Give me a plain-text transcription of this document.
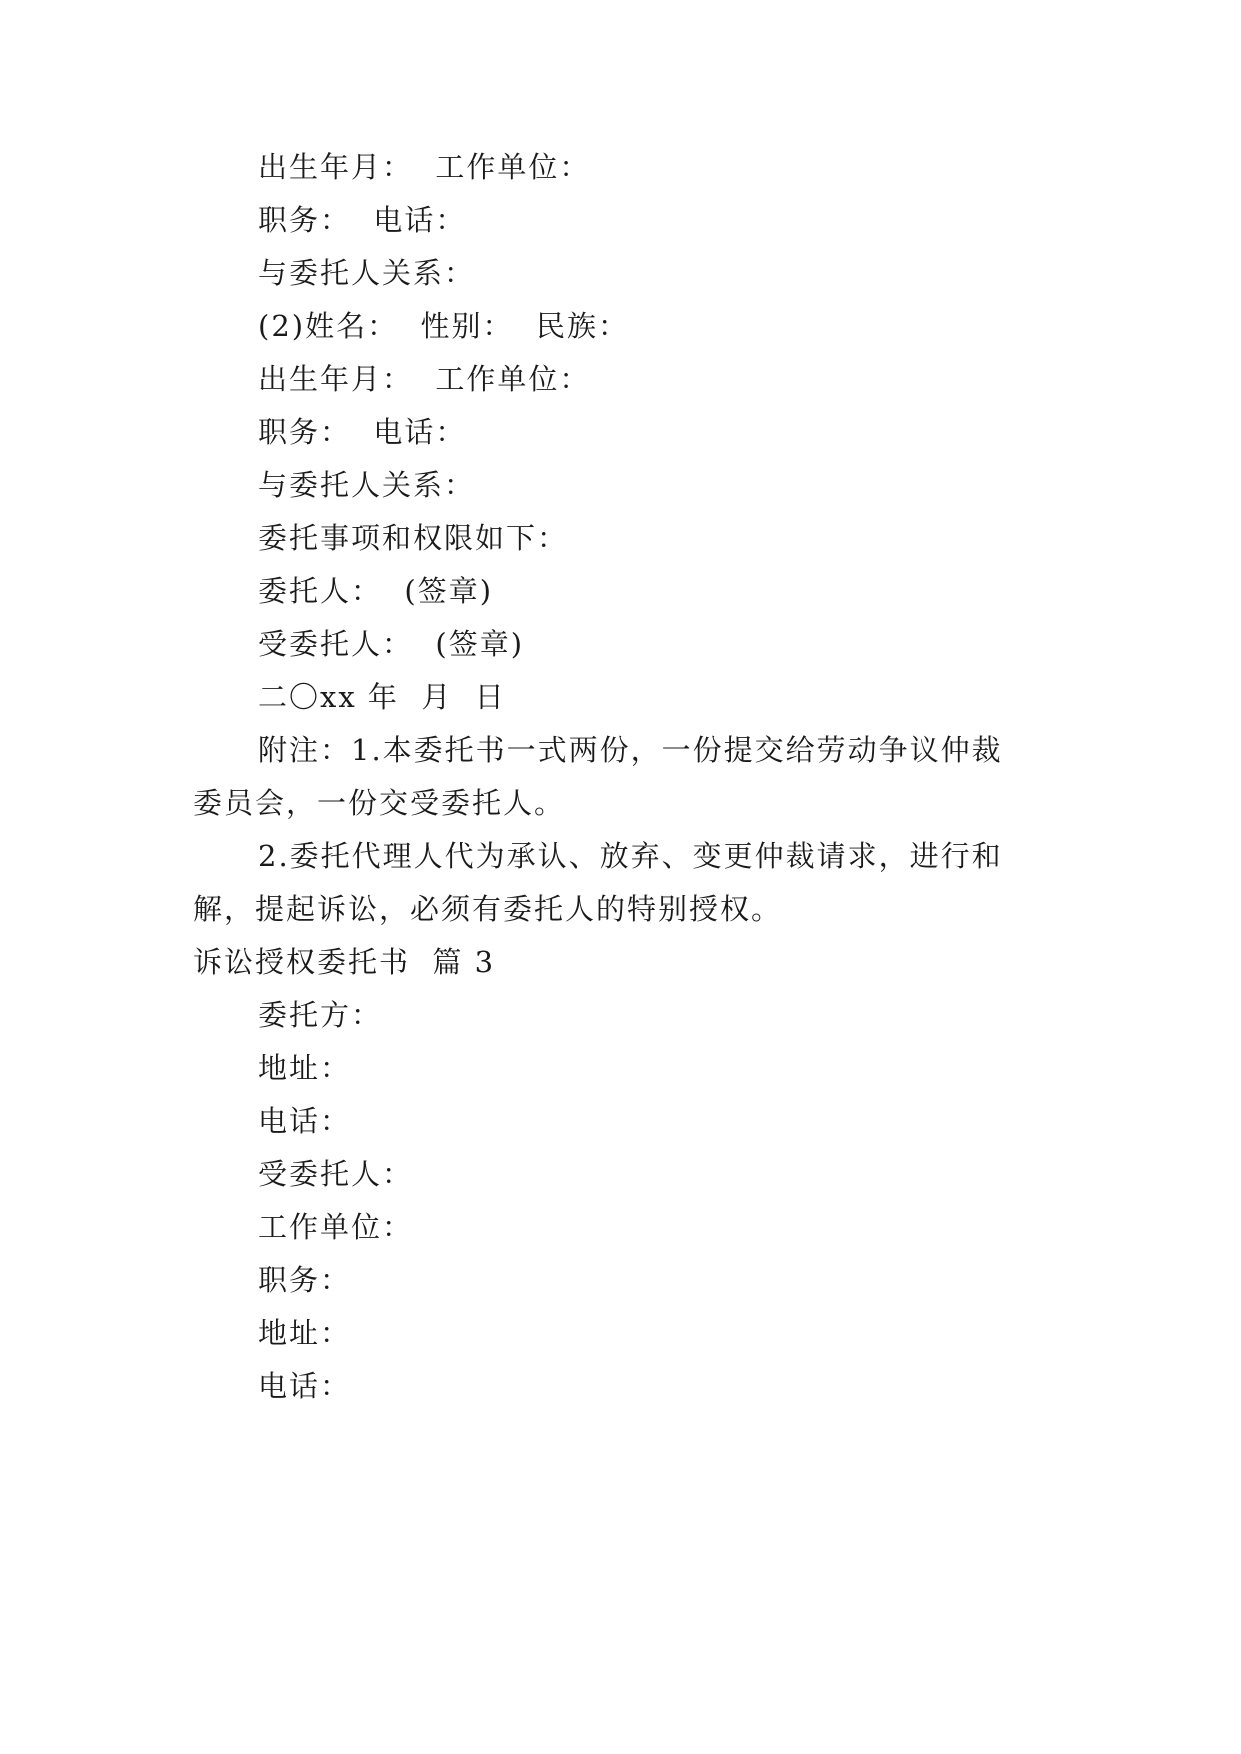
出生年月：  工作单位：
职务：  电话：
与委托人关系：
(2)姓名：  性别：  民族：
出生年月：  工作单位：
职务：  电话：
与委托人关系：
委托事项和权限如下：
委托人：  (签章)
受委托人：  (签章)
二〇xx 年  月  日
附注：1.本委托书一式两份，一份提交给劳动争议仲裁
委员会，一份交受委托人。
2.委托代理人代为承认、放弃、变更仲裁请求，进行和
解，提起诉讼，必须有委托人的特别授权。
诉讼授权委托书  篇 3
委托方：
地址：
电话：
受委托人：
工作单位：
职务：
地址：
电话：
